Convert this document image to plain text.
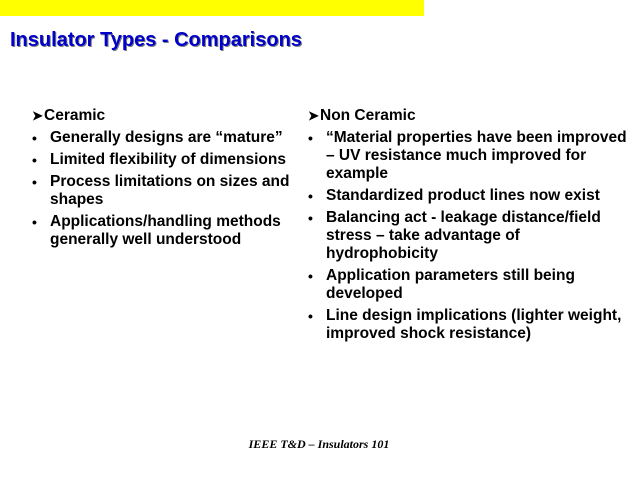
Insulator Types - Comparisons
➤ Ceramic
• Generally designs are “mature”
• Limited flexibility of dimensions
• Process limitations on sizes and shapes
• Applications/handling methods generally well understood
➤ Non Ceramic
• “Material properties have been improved – UV resistance much improved for example
• Standardized product lines now exist
• Balancing act - leakage distance/field stress – take advantage of hydrophobicity
• Application parameters still being developed
• Line design implications (lighter weight, improved shock resistance)
IEEE T&D – Insulators 101
